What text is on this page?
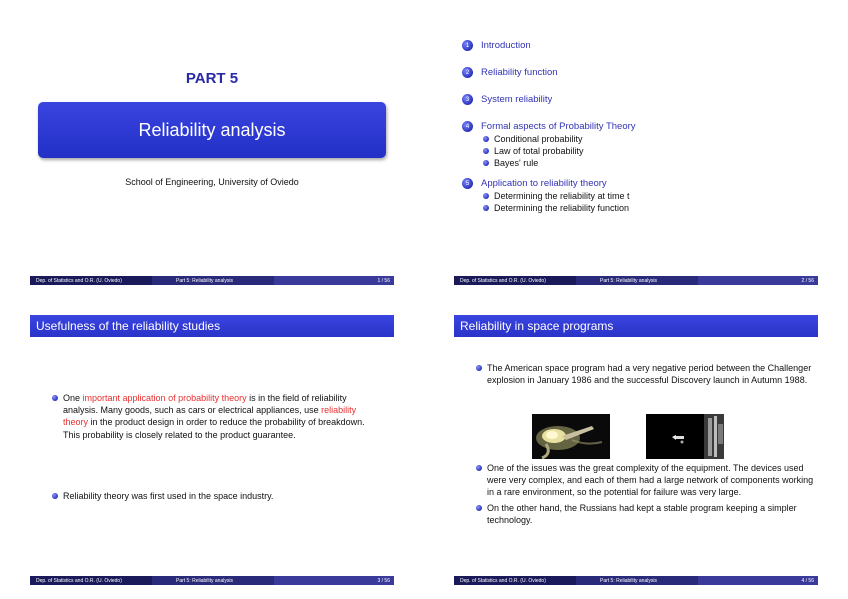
PART 5
Reliability analysis
School of Engineering, University of Oviedo
Dep. of Statistics and O.R. (U. Oviedo)	Part 5: Reliability analysis	1 / 56
1	Introduction
2	Reliability function
3	System reliability
4	Formal aspects of Probability Theory
Conditional probability
Law of total probability
Bayes' rule
5	Application to reliability theory
Determining the reliability at time t
Determining the reliability function
Dep. of Statistics and O.R. (U. Oviedo)	Part 5: Reliability analysis	2 / 56
Usefulness of the reliability studies
One important application of probability theory is in the field of reliability analysis. Many goods, such as cars or electrical appliances, use reliability theory in the product design in order to reduce the probability of breakdown. This probability is closely related to the product guarantee.
Reliability theory was first used in the space industry.
Dep. of Statistics and O.R. (U. Oviedo)	Part 5: Reliability analysis	3 / 56
Reliability in space programs
The American space program had a very negative period between the Challenger explosion in January 1986 and the successful Discovery launch in Autumn 1988.
One of the issues was the great complexity of the equipment. The devices used were very complex, and each of them had a large network of components working in a rare environment, so the potential for failure was very large.
On the other hand, the Russians had kept a stable program keeping a simpler technology.
Dep. of Statistics and O.R. (U. Oviedo)	Part 5: Reliability analysis	4 / 56
